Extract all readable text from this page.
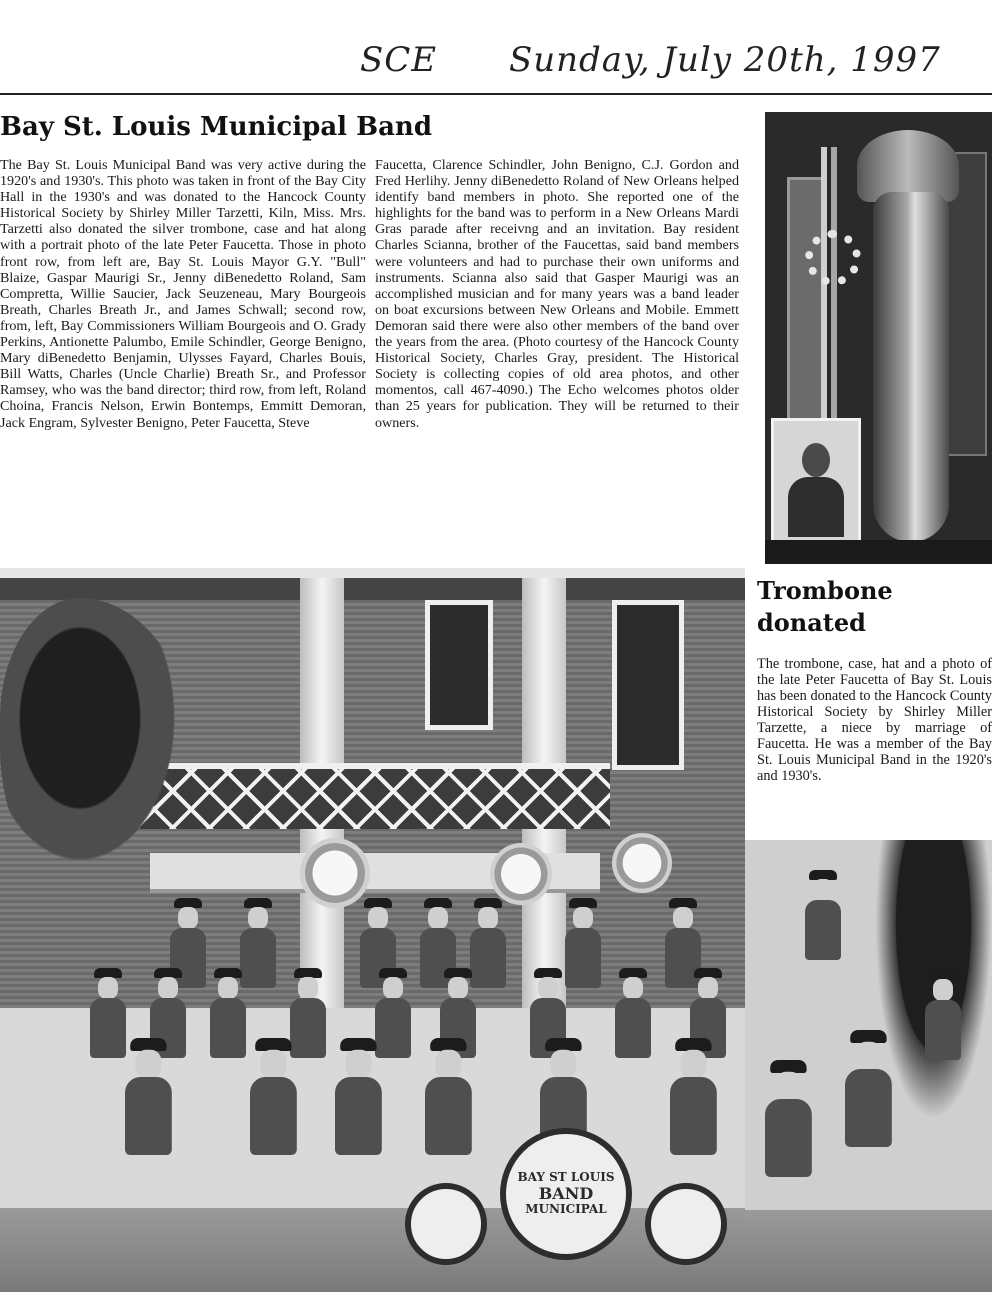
SCE Sunday, July 20th, 1997
Bay St. Louis Municipal Band
The Bay St. Louis Municipal Band was very active during the 1920's and 1930's. This photo was taken in front of the Bay City Hall in the 1930's and was donated to the Hancock County Historical Society by Shirley Miller Tarzetti, Kiln, Miss. Mrs. Tarzetti also donated the silver trombone, case and hat along with a portrait photo of the late Peter Faucetta. Those in photo front row, from left are, Bay St. Louis Mayor G.Y. "Bull" Blaize, Gaspar Maurigi Sr., Jenny diBenedetto Roland, Sam Compretta, Willie Saucier, Jack Seuzeneau, Mary Bourgeois Breath, Charles Breath Jr., and James Schwall; second row, from, left, Bay Commissioners William Bourgeois and O. Grady Perkins, Antionette Palumbo, Emile Schindler, George Benigno, Mary diBenedetto Benjamin, Ulysses Fayard, Charles Bouis, Bill Watts, Charles (Uncle Charlie) Breath Sr., and Professor Ramsey, who was the band director; third row, from left, Roland Choina, Francis Nelson, Erwin Bontemps, Emmitt Demoran, Jack Engram, Sylvester Benigno, Peter Faucetta, Steve
Faucetta, Clarence Schindler, John Benigno, C.J. Gordon and Fred Herlihy. Jenny diBenedetto Roland of New Orleans helped identify band members in photo. She reported one of the highlights for the band was to perform in a New Orleans Mardi Gras parade after receivng and an invitation. Bay resident Charles Scianna, brother of the Faucettas, said band members were volunteers and had to purchase their own uniforms and instruments. Scianna also said that Gasper Maurigi was an accomplished musician and for many years was a band leader on boat excursions between New Orleans and Mobile. Emmett Demoran said there were also other members of the band over the years from the area. (Photo courtesy of the Hancock County Historical Society, Charles Gray, president. The Historical Society is collecting copies of old area photos, and other momentos, call 467-4090.) The Echo welcomes photos older than 25 years for publication. They will be returned to their owners.
Trombone donated
The trombone, case, hat and a photo of the late Peter Faucetta of Bay St. Louis has been donated to the Hancock County Historical Society by Shirley Miller Tarzette, a niece by marriage of Faucetta. He was a member of the Bay St. Louis Municipal Band in the 1920's and 1930's.
BAY ST LOUIS
BAND
MUNICIPAL
